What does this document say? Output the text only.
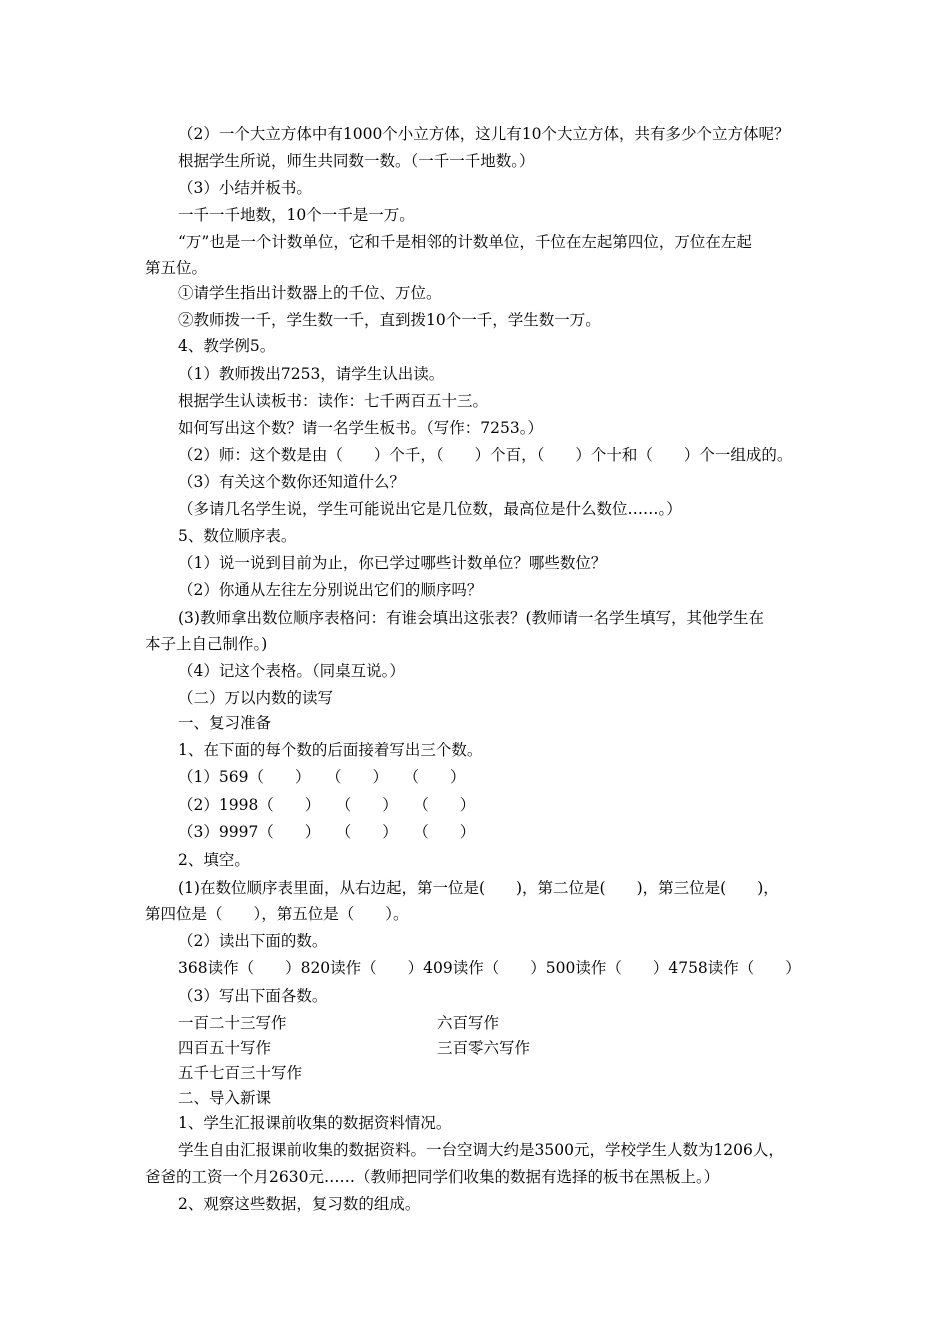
（2）一个大立方体中有1000个小立方体，这儿有10个大立方体，共有多少个立方体呢？
根据学生所说，师生共同数一数。（一千一千地数。）
（3）小结并板书。
一千一千地数，10个一千是一万。
“万”也是一个计数单位，它和千是相邻的计数单位，千位在左起第四位，万位在左起
第五位。
①请学生指出计数器上的千位、万位。
②教师拨一千，学生数一千，直到拨10个一千，学生数一万。
4、教学例5。
（1）教师拨出7253，请学生认出读。
根据学生认读板书：读作：七千两百五十三。
如何写出这个数？请一名学生板书。（写作：7253。）
（2）师：这个数是由（　　）个千，（　　）个百，（　　）个十和（　　）个一组成的。
（3）有关这个数你还知道什么？
（多请几名学生说，学生可能说出它是几位数，最高位是什么数位……。）
5、数位顺序表。
（1）说一说到目前为止，你已学过哪些计数单位？哪些数位？
（2）你通从左往左分别说出它们的顺序吗？
(3)教师拿出数位顺序表格问：有谁会填出这张表？(教师请一名学生填写，其他学生在
本子上自己制作。)
（4）记这个表格。（同桌互说。）
（二）万以内数的读写
一、复习准备
1、在下面的每个数的后面接着写出三个数。
（1）569（　　）　　（　　）　　（　　）
（2）1998（　　）　　（　　）　　（　　）
（3）9997（　　）　　（　　）　　（　　）
2、填空。
(1)在数位顺序表里面，从右边起，第一位是(　　)，第二位是(　　)，第三位是(　　)，
第四位是（　　），第五位是（　　）。
（2）读出下面的数。
368读作（　　）820读作（　　）409读作（　　）500读作（　　）4758读作（　　）
（3）写出下面各数。
一百二十三写作	六百写作
四百五十写作	三百零六写作
五千七百三十写作
二、导入新课
1、学生汇报课前收集的数据资料情况。
学生自由汇报课前收集的数据资料。一台空调大约是3500元，学校学生人数为1206人，
爸爸的工资一个月2630元……（教师把同学们收集的数据有选择的板书在黑板上。）
2、观察这些数据，复习数的组成。
